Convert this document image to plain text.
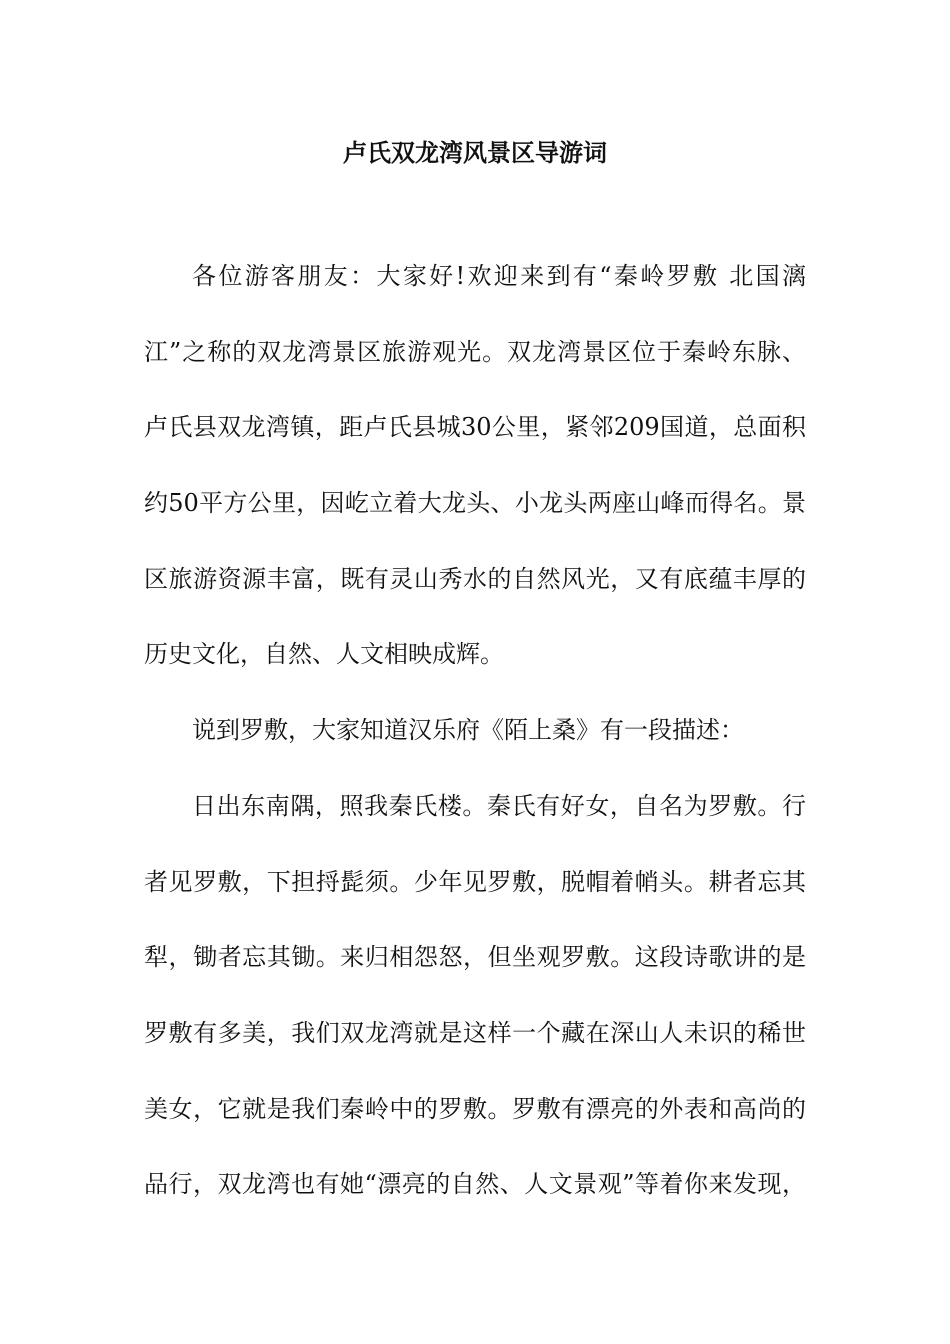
卢氏双龙湾风景区导游词
各位游客朋友：大家好!欢迎来到有“秦岭罗敷 北国漓
江”之称的双龙湾景区旅游观光。双龙湾景区位于秦岭东脉、
卢氏县双龙湾镇，距卢氏县城30公里，紧邻209国道，总面积
约50平方公里，因屹立着大龙头、小龙头两座山峰而得名。景
区旅游资源丰富，既有灵山秀水的自然风光，又有底蕴丰厚的
历史文化，自然、人文相映成辉。
说到罗敷，大家知道汉乐府《陌上桑》有一段描述：
日出东南隅，照我秦氏楼。秦氏有好女，自名为罗敷。行
者见罗敷，下担捋髭须。少年见罗敷，脱帽着帩头。耕者忘其
犁，锄者忘其锄。来归相怨怒，但坐观罗敷。这段诗歌讲的是
罗敷有多美，我们双龙湾就是这样一个藏在深山人未识的稀世
美女，它就是我们秦岭中的罗敷。罗敷有漂亮的外表和高尚的
品行，双龙湾也有她“漂亮的自然、人文景观”等着你来发现，
